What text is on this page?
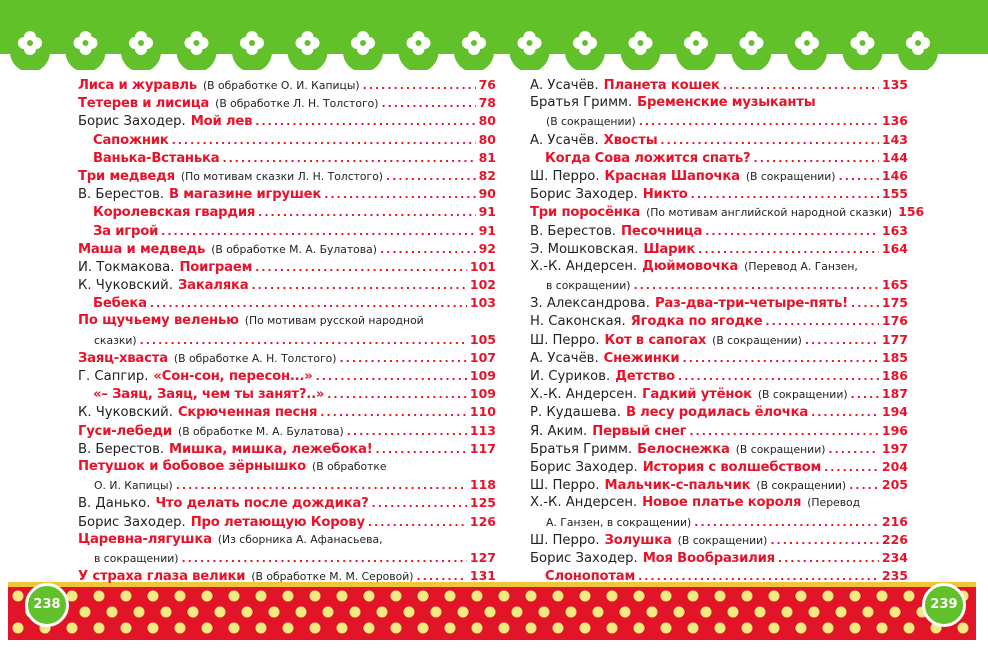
238	239
Лиса и журавль (В обработке О. И. Капицы) .....	76
Тетерев и лисица (В обработке Л. Н. Толстого) .....	78
Борис Заходер. Мой лев .....	80
Сапожник .....	80
Ванька-Встанька .....	81
Три медведя (По мотивам сказки Л. Н. Толстого) .....	82
В. Берестов. В магазине игрушек .....	90
Королевская гвардия .....	91
За игрой .....	91
Маша и медведь (В обработке М. А. Булатова) .....	92
И. Токмакова. Поиграем .....	101
К. Чуковский. Закаляка .....	102
Бебека .....	103
По щучьему веленью (По мотивам русской народной
сказки) .....	105
Заяц-хваста (В обработке А. Н. Толстого) .....	107
Г. Сапгир. «Сон-сон, пересон...» .....	109
«– Заяц, Заяц, чем ты занят?..» .....	109
К. Чуковский. Скрюченная песня .....	110
Гуси-лебеди (В обработке М. А. Булатова) .....	113
В. Берестов. Мишка, мишка, лежебока! .....	117
Петушок и бобовое зёрнышко (В обработке
О. И. Капицы) .....	118
В. Данько. Что делать после дождика? .....	125
Борис Заходер. Про летающую Корову .....	126
Царевна-лягушка (Из сборника А. Афанасьева,
в сокращении) .....	127
У страха глаза велики (В обработке М. М. Серовой) .....	131
А. Усачёв. Планета кошек .....	135
Братья Гримм. Бременские музыканты
(В сокращении) .....	136
А. Усачёв. Хвосты .....	143
Когда Сова ложится спать? .....	144
Ш. Перро. Красная Шапочка (В сокращении) .....	146
Борис Заходер. Никто .....	155
Три поросёнка (По мотивам английской народной сказки) 156
В. Берестов. Песочница .....	163
Э. Мошковская. Шарик .....	164
Х.-К. Андерсен. Дюймовочка (Перевод А. Ганзен,
в сокращении) .....	165
З. Александрова. Раз-два-три-четыре-пять! .....	175
Н. Саконская. Ягодка по ягодке .....	176
Ш. Перро. Кот в сапогах (В сокращении) .....	177
А. Усачёв. Снежинки .....	185
И. Суриков. Детство .....	186
Х.-К. Андерсен. Гадкий утёнок (В сокращении) .....	187
Р. Кудашева. В лесу родилась ёлочка .....	194
Я. Аким. Первый снег .....	196
Братья Гримм. Белоснежка (В сокращении) .....	197
Борис Заходер. История с волшебством .....	204
Ш. Перро. Мальчик-с-пальчик (В сокращении) .....	205
Х.-К. Андерсен. Новое платье короля (Перевод
А. Ганзен, в сокращении) .....	216
Ш. Перро. Золушка (В сокращении) .....	226
Борис Заходер. Моя Вообразилия .....	234
Слонопотам .....	235
